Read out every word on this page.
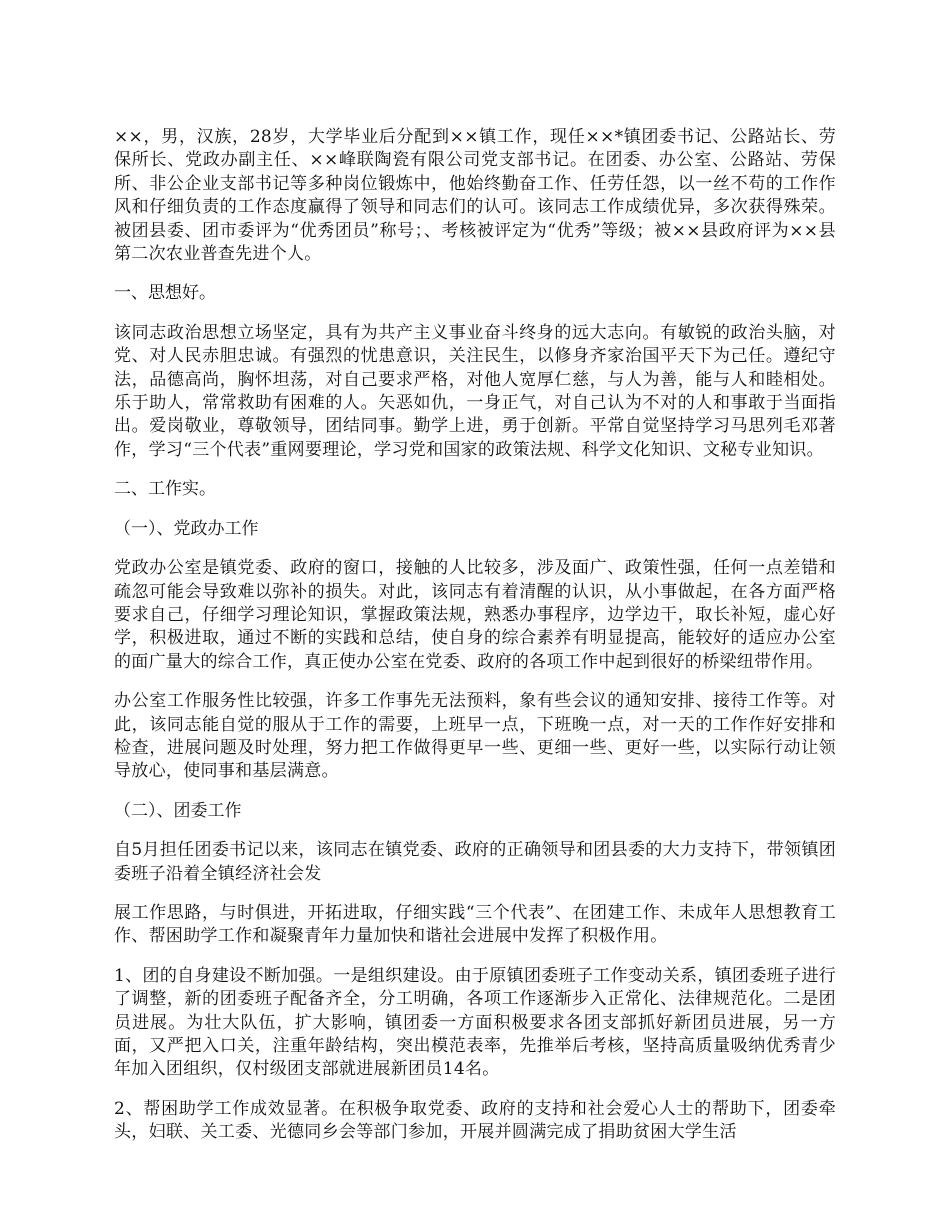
××，男，汉族，28岁，大学毕业后分配到××镇工作，现任××*镇团委书记、公路站长、劳保所长、党政办副主任、××峰联陶瓷有限公司党支部书记。在团委、办公室、公路站、劳保所、非公企业支部书记等多种岗位锻炼中，他始终勤奋工作、任劳任怨，以一丝不苟的工作作风和仔细负责的工作态度赢得了领导和同志们的认可。该同志工作成绩优异，多次获得殊荣。被团县委、团市委评为“优秀团员”称号；、考核被评定为“优秀”等级；被××县政府评为××县第二次农业普查先进个人。

一、思想好。

该同志政治思想立场坚定，具有为共产主义事业奋斗终身的远大志向。有敏锐的政治头脑，对党、对人民赤胆忠诚。有强烈的忧患意识，关注民生，以修身齐家治国平天下为己任。遵纪守法，品德高尚，胸怀坦荡，对自己要求严格，对他人宽厚仁慈，与人为善，能与人和睦相处。乐于助人，常常救助有困难的人。矢恶如仇，一身正气，对自己认为不对的人和事敢于当面指出。爱岗敬业，尊敬领导，团结同事。勤学上进，勇于创新。平常自觉坚持学习马思列毛邓著作，学习“三个代表”重网要理论，学习党和国家的政策法规、科学文化知识、文秘专业知识。

二、工作实。

（一）、党政办工作

党政办公室是镇党委、政府的窗口，接触的人比较多，涉及面广、政策性强，任何一点差错和疏忽可能会导致难以弥补的损失。对此，该同志有着清醒的认识，从小事做起，在各方面严格要求自己，仔细学习理论知识，掌握政策法规，熟悉办事程序，边学边干，取长补短，虚心好学，积极进取，通过不断的实践和总结，使自身的综合素养有明显提高，能较好的适应办公室的面广量大的综合工作，真正使办公室在党委、政府的各项工作中起到很好的桥梁纽带作用。

办公室工作服务性比较强，许多工作事先无法预料，象有些会议的通知安排、接待工作等。对此，该同志能自觉的服从于工作的需要，上班早一点，下班晚一点，对一天的工作作好安排和检查，进展问题及时处理，努力把工作做得更早一些、更细一些、更好一些，以实际行动让领导放心，使同事和基层满意。

（二）、团委工作

自5月担任团委书记以来，该同志在镇党委、政府的正确领导和团县委的大力支持下，带领镇团委班子沿着全镇经济社会发

展工作思路，与时俱进，开拓进取，仔细实践“三个代表”、在团建工作、未成年人思想教育工作、帮困助学工作和凝聚青年力量加快和谐社会进展中发挥了积极作用。

1、团的自身建设不断加强。一是组织建设。由于原镇团委班子工作变动关系，镇团委班子进行了调整，新的团委班子配备齐全，分工明确，各项工作逐渐步入正常化、法律规范化。二是团员进展。为壮大队伍，扩大影响，镇团委一方面积极要求各团支部抓好新团员进展，另一方面，又严把入口关，注重年龄结构，突出模范表率，先推举后考核，坚持高质量吸纳优秀青少年加入团组织，仅村级团支部就进展新团员14名。

2、帮困助学工作成效显著。在积极争取党委、政府的支持和社会爱心人士的帮助下，团委牵头，妇联、关工委、光德同乡会等部门参加，开展并圆满完成了捐助贫困大学生活
